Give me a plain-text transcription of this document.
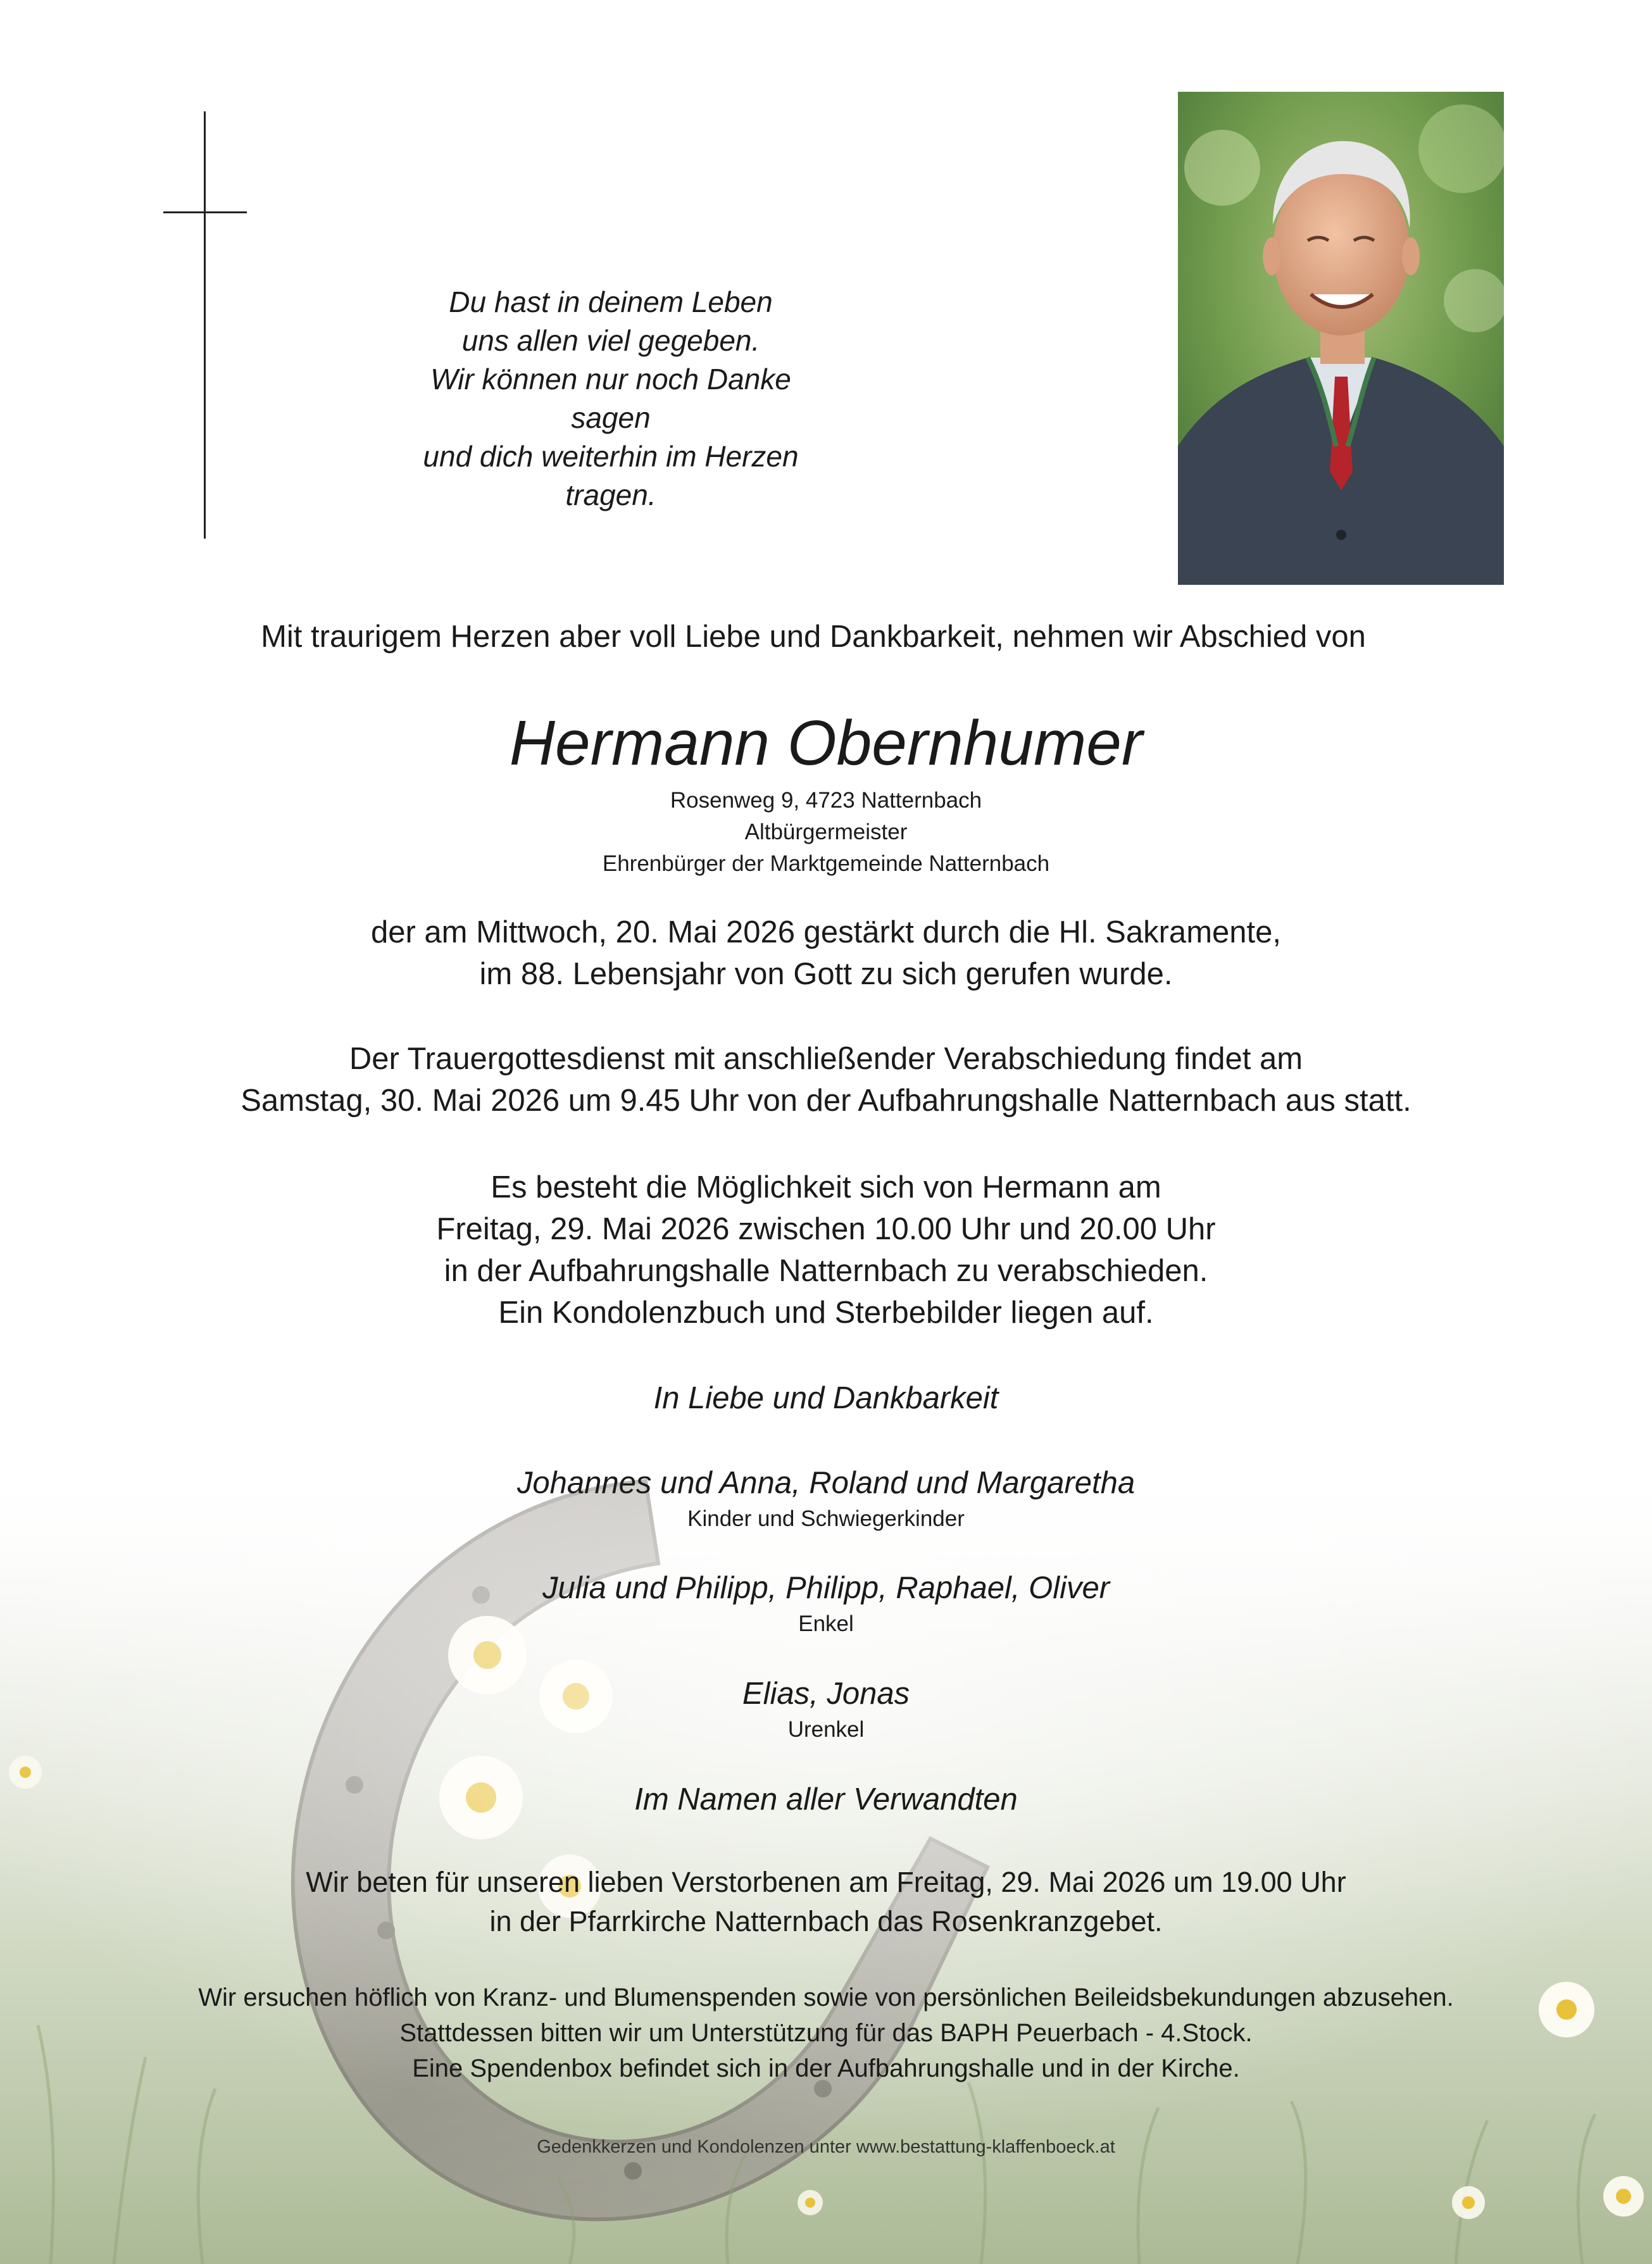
Du hast in deinem Leben
uns allen viel gegeben.
Wir können nur noch Danke sagen
und dich weiterhin im Herzen tragen.
Mit traurigem Herzen aber voll Liebe und Dankbarkeit, nehmen wir Abschied von
Hermann Obernhumer
Rosenweg 9, 4723 Natternbach
Altbürgermeister
Ehrenbürger der Marktgemeinde Natternbach
der am Mittwoch, 20. Mai 2026 gestärkt durch die Hl. Sakramente,
im 88. Lebensjahr von Gott zu sich gerufen wurde.
Der Trauergottesdienst mit anschließender Verabschiedung findet am
Samstag, 30. Mai 2026 um 9.45 Uhr von der Aufbahrungshalle Natternbach aus statt.
Es besteht die Möglichkeit sich von Hermann am
Freitag, 29. Mai 2026 zwischen 10.00 Uhr und 20.00 Uhr
in der Aufbahrungshalle Natternbach zu verabschieden.
Ein Kondolenzbuch und Sterbebilder liegen auf.
In Liebe und Dankbarkeit
Johannes und Anna, Roland und Margaretha
Kinder und Schwiegerkinder
Julia und Philipp, Philipp, Raphael, Oliver
Enkel
Elias, Jonas
Urenkel
Im Namen aller Verwandten
Wir beten für unseren lieben Verstorbenen am Freitag, 29. Mai 2026 um 19.00 Uhr
in der Pfarrkirche Natternbach das Rosenkranzgebet.
Wir ersuchen höflich von Kranz- und Blumenspenden sowie von persönlichen Beileidsbekundungen abzusehen.
Stattdessen bitten wir um Unterstützung für das BAPH Peuerbach - 4.Stock.
Eine Spendenbox befindet sich in der Aufbahrungshalle und in der Kirche.
Gedenkkerzen und Kondolenzen unter www.bestattung-klaffenboeck.at
